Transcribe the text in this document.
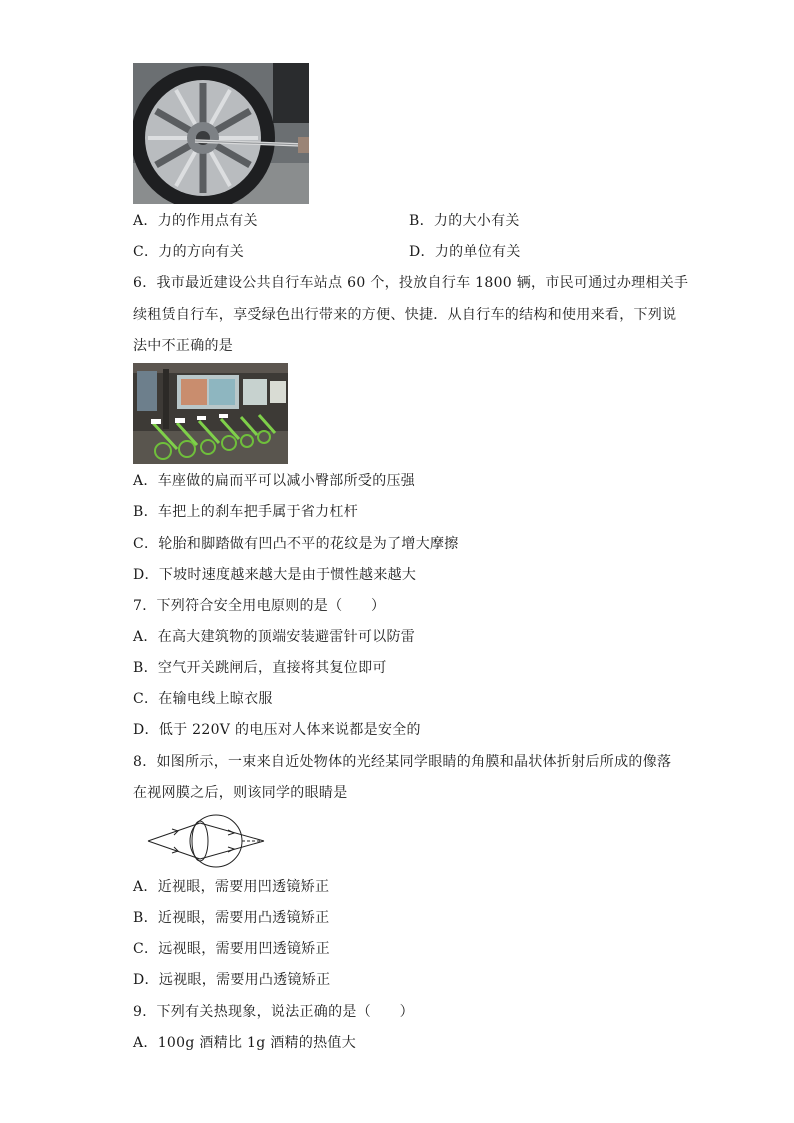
A．力的作用点有关	B．力的大小有关
C．力的方向有关	D．力的单位有关
6．我市最近建设公共自行车站点 60 个，投放自行车 1800 辆，市民可通过办理相关手
续租赁自行车，享受绿色出行带来的方便、快捷．从自行车的结构和使用来看，下列说
法中不正确的是
A．车座做的扁而平可以减小臀部所受的压强
B．车把上的刹车把手属于省力杠杆
C．轮胎和脚踏做有凹凸不平的花纹是为了增大摩擦
D．下坡时速度越来越大是由于惯性越来越大
7．下列符合安全用电原则的是（　　）
A．在高大建筑物的顶端安装避雷针可以防雷
B．空气开关跳闸后，直接将其复位即可
C．在输电线上晾衣服
D．低于 220V 的电压对人体来说都是安全的
8．如图所示，一束来自近处物体的光经某同学眼睛的角膜和晶状体折射后所成的像落
在视网膜之后，则该同学的眼睛是
A．近视眼，需要用凹透镜矫正
B．近视眼，需要用凸透镜矫正
C．远视眼，需要用凹透镜矫正
D．远视眼，需要用凸透镜矫正
9．下列有关热现象，说法正确的是（　　）
A．100g 酒精比 1g 酒精的热值大
